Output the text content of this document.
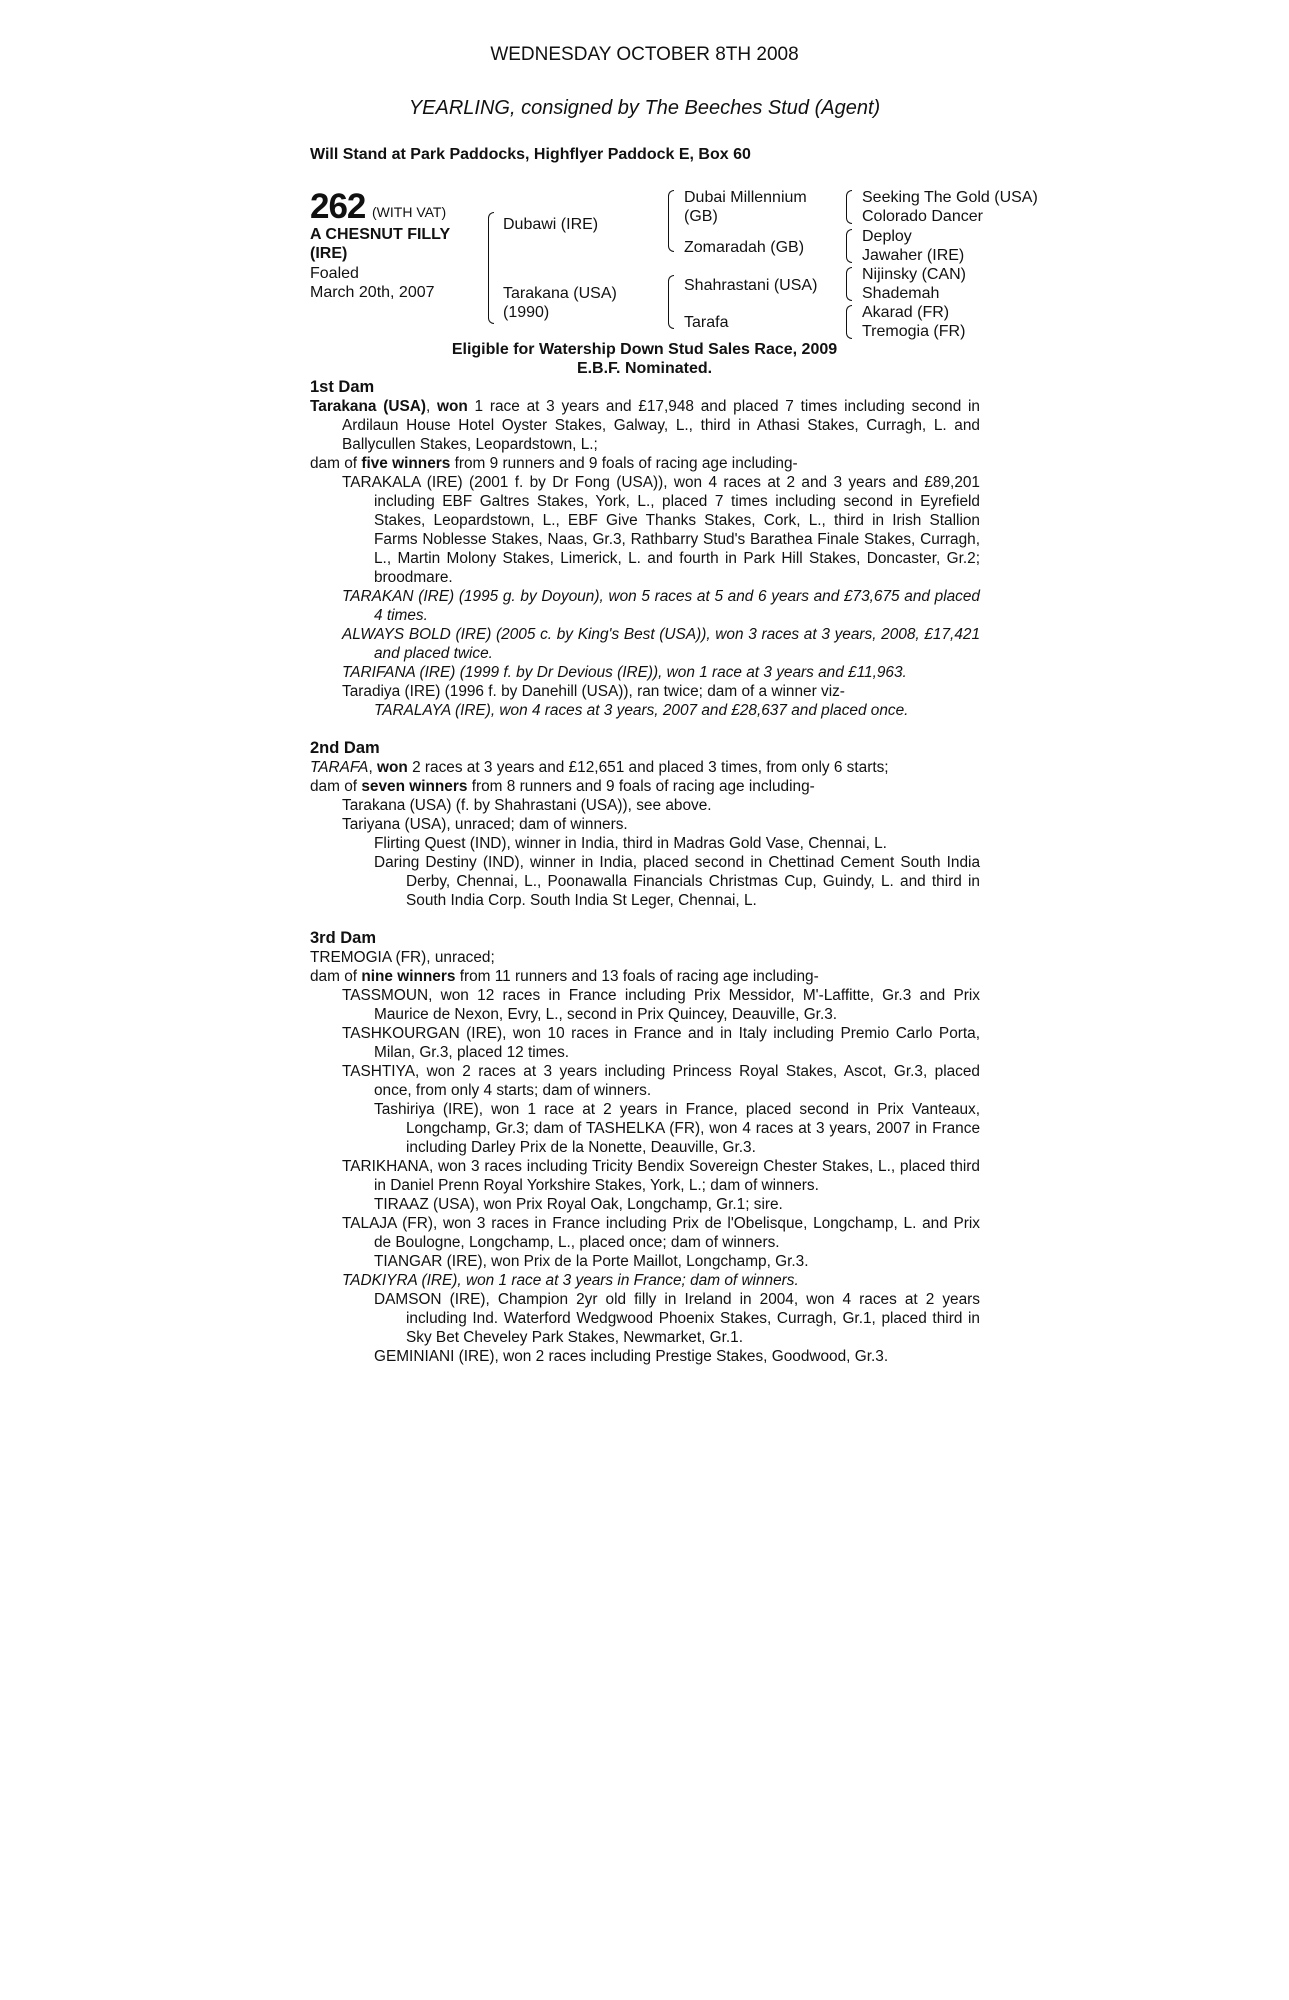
WEDNESDAY OCTOBER 8TH 2008
YEARLING, consigned by The Beeches Stud (Agent)
Will Stand at Park Paddocks, Highflyer Paddock E, Box 60
262 (WITH VAT)
A CHESNUT FILLY (IRE)
Foaled
March 20th, 2007
Dubawi (IRE)
Tarakana (USA)
(1990)
Dubai Millennium (GB)
Zomaradah (GB)
Shahrastani (USA)
Tarafa
Seeking The Gold (USA)
Colorado Dancer
Deploy
Jawaher (IRE)
Nijinsky (CAN)
Shademah
Akarad (FR)
Tremogia (FR)
Eligible for Watership Down Stud Sales Race, 2009
E.B.F. Nominated.
1st Dam

Tarakana (USA), won 1 race at 3 years and £17,948 and placed 7 times including second in Ardilaun House Hotel Oyster Stakes, Galway, L., third in Athasi Stakes, Curragh, L. and Ballycullen Stakes, Leopardstown, L.;

dam of five winners from 9 runners and 9 foals of racing age including-

TARAKALA (IRE) (2001 f. by Dr Fong (USA)), won 4 races at 2 and 3 years and £89,201 including EBF Galtres Stakes, York, L., placed 7 times including second in Eyrefield Stakes, Leopardstown, L., EBF Give Thanks Stakes, Cork, L., third in Irish Stallion Farms Noblesse Stakes, Naas, Gr.3, Rathbarry Stud's Barathea Finale Stakes, Curragh, L., Martin Molony Stakes, Limerick, L. and fourth in Park Hill Stakes, Doncaster, Gr.2; broodmare.

TARAKAN (IRE) (1995 g. by Doyoun), won 5 races at 5 and 6 years and £73,675 and placed 4 times.

ALWAYS BOLD (IRE) (2005 c. by King's Best (USA)), won 3 races at 3 years, 2008, £17,421 and placed twice.

TARIFANA (IRE) (1999 f. by Dr Devious (IRE)), won 1 race at 3 years and £11,963.

Taradiya (IRE) (1996 f. by Danehill (USA)), ran twice; dam of a winner viz-

TARALAYA (IRE), won 4 races at 3 years, 2007 and £28,637 and placed once.

2nd Dam

TARAFA, won 2 races at 3 years and £12,651 and placed 3 times, from only 6 starts;

dam of seven winners from 8 runners and 9 foals of racing age including-

Tarakana (USA) (f. by Shahrastani (USA)), see above.

Tariyana (USA), unraced; dam of winners.

Flirting Quest (IND), winner in India, third in Madras Gold Vase, Chennai, L.

Daring Destiny (IND), winner in India, placed second in Chettinad Cement South India Derby, Chennai, L., Poonawalla Financials Christmas Cup, Guindy, L. and third in South India Corp. South India St Leger, Chennai, L.

3rd Dam

TREMOGIA (FR), unraced;

dam of nine winners from 11 runners and 13 foals of racing age including-

TASSMOUN, won 12 races in France including Prix Messidor, M'-Laffitte, Gr.3 and Prix Maurice de Nexon, Evry, L., second in Prix Quincey, Deauville, Gr.3.

TASHKOURGAN (IRE), won 10 races in France and in Italy including Premio Carlo Porta, Milan, Gr.3, placed 12 times.

TASHTIYA, won 2 races at 3 years including Princess Royal Stakes, Ascot, Gr.3, placed once, from only 4 starts; dam of winners.

Tashiriya (IRE), won 1 race at 2 years in France, placed second in Prix Vanteaux, Longchamp, Gr.3; dam of TASHELKA (FR), won 4 races at 3 years, 2007 in France including Darley Prix de la Nonette, Deauville, Gr.3.

TARIKHANA, won 3 races including Tricity Bendix Sovereign Chester Stakes, L., placed third in Daniel Prenn Royal Yorkshire Stakes, York, L.; dam of winners.

TIRAAZ (USA), won Prix Royal Oak, Longchamp, Gr.1; sire.

TALAJA (FR), won 3 races in France including Prix de l'Obelisque, Longchamp, L. and Prix de Boulogne, Longchamp, L., placed once; dam of winners.

TIANGAR (IRE), won Prix de la Porte Maillot, Longchamp, Gr.3.

TADKIYRA (IRE), won 1 race at 3 years in France; dam of winners.

DAMSON (IRE), Champion 2yr old filly in Ireland in 2004, won 4 races at 2 years including Ind. Waterford Wedgwood Phoenix Stakes, Curragh, Gr.1, placed third in Sky Bet Cheveley Park Stakes, Newmarket, Gr.1.

GEMINIANI (IRE), won 2 races including Prestige Stakes, Goodwood, Gr.3.
